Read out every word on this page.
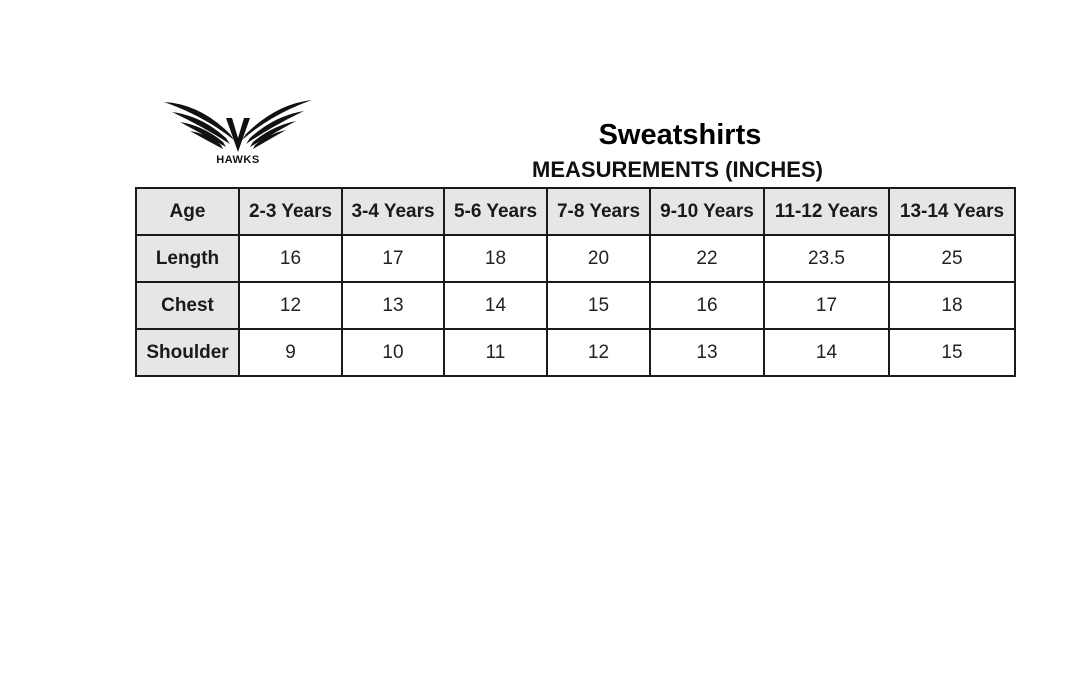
HAWKS
Sweatshirts
MEASUREMENTS (INCHES)
Age	2-3 Years	3-4 Years	5-6 Years	7-8 Years	9-10 Years	11-12 Years	13-14 Years
Length	16	17	18	20	22	23.5	25
Chest	12	13	14	15	16	17	18
Shoulder	9	10	11	12	13	14	15
